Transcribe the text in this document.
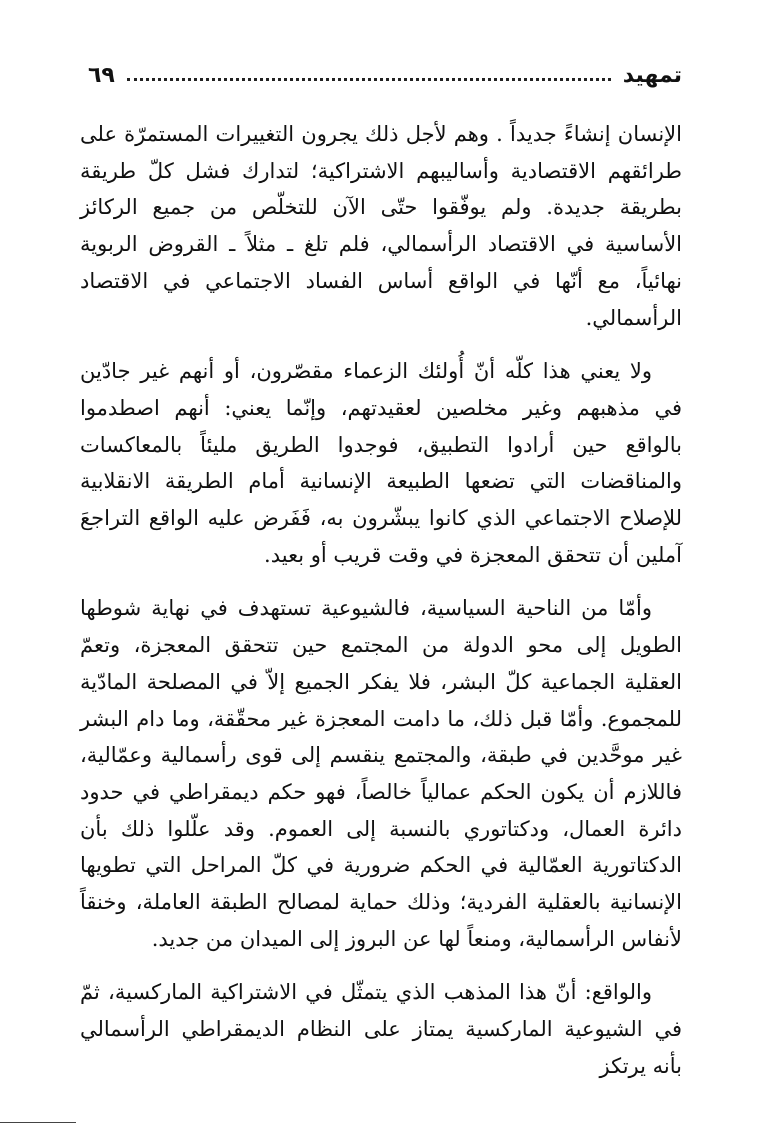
تمهيد
٦٩

الإنسان إنشاءً جديداً . وهم لأجل ذلك يجرون التغييرات المستمرّة على طرائقهم الاقتصادية وأساليبهم الاشتراكية؛ لتدارك فشل كلّ طريقة بطريقة جديدة. ولم يوفّقوا حتّى الآن للتخلّص من جميع الركائز الأساسية في الاقتصاد الرأسمالي، فلم تلغ ـ مثلاً ـ القروض الربوية نهائياً، مع أنّها في الواقع أساس الفساد الاجتماعي في الاقتصاد الرأسمالي.

ولا يعني هذا كلّه أنّ أُولئك الزعماء مقصّرون، أو أنهم غير جادّين في مذهبهم وغير مخلصين لعقيدتهم، وإنّما يعني: أنهم اصطدموا بالواقع حين أرادوا التطبيق، فوجدوا الطريق مليئاً بالمعاكسات والمناقضات التي تضعها الطبيعة الإنسانية أمام الطريقة الانقلابية للإصلاح الاجتماعي الذي كانوا يبشّرون به، فَفَرض عليه الواقع التراجعَ آملين أن تتحقق المعجزة في وقت قريب أو بعيد.

وأمّا من الناحية السياسية، فالشيوعية تستهدف في نهاية شوطها الطويل إلى محو الدولة من المجتمع حين تتحقق المعجزة، وتعمّ العقلية الجماعية كلّ البشر، فلا يفكر الجميع إلاّ في المصلحة المادّية للمجموع. وأمّا قبل ذلك، ما دامت المعجزة غير محقّقة، وما دام البشر غير موحَّدين في طبقة، والمجتمع ينقسم إلى قوى رأسمالية وعمّالية، فاللازم أن يكون الحكم عمالياً خالصاً، فهو حكم ديمقراطي في حدود دائرة العمال، ودكتاتوري بالنسبة إلى العموم. وقد علّلوا ذلك بأن الدكتاتورية العمّالية في الحكم ضرورية في كلّ المراحل التي تطويها الإنسانية بالعقلية الفردية؛ وذلك حماية لمصالح الطبقة العاملة، وخنقاً لأنفاس الرأسمالية، ومنعاً لها عن البروز إلى الميدان من جديد.

والواقع: أنّ هذا المذهب الذي يتمثّل في الاشتراكية الماركسية، ثمّ في الشيوعية الماركسية يمتاز على النظام الديمقراطي الرأسمالي بأنه يرتكز
